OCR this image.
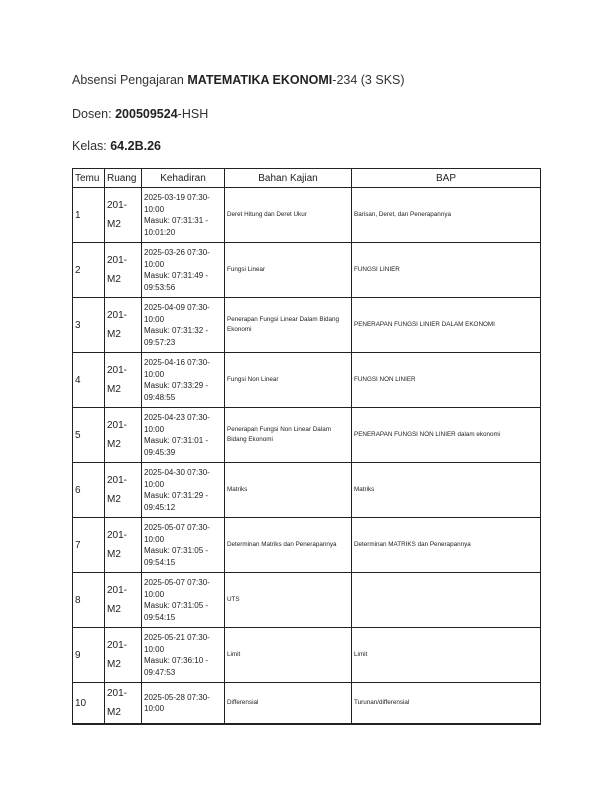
Absensi Pengajaran MATEMATIKA EKONOMI-234 (3 SKS)
Dosen: 200509524-HSH
Kelas: 64.2B.26
Temu	Ruang	Kehadiran	Bahan Kajian	BAP
1	201-M2	2025-03-19 07:30-10:00
Masuk: 07:31:31 - 10:01:20	Deret Hitung dan Deret Ukur	Barisan, Deret, dan Penerapannya
2	201-M2	2025-03-26 07:30-10:00
Masuk: 07:31:49 - 09:53:56	Fungsi Linear	FUNGSI LINIER
3	201-M2	2025-04-09 07:30-10:00
Masuk: 07:31:32 - 09:57:23	Penerapan Fungsi Linear Dalam Bidang Ekonomi	PENERAPAN FUNGSI LINIER DALAM EKONOMI
4	201-M2	2025-04-16 07:30-10:00
Masuk: 07:33:29 - 09:48:55	Fungsi Non Linear	FUNGSI NON LINIER
5	201-M2	2025-04-23 07:30-10:00
Masuk: 07:31:01 - 09:45:39	Penerapan Fungsi Non Linear Dalam Bidang Ekonomi	PENERAPAN FUNGSI NON LINIER dalam ekonomi
6	201-M2	2025-04-30 07:30-10:00
Masuk: 07:31:29 - 09:45:12	Matriks	Matriks
7	201-M2	2025-05-07 07:30-10:00
Masuk: 07:31:05 - 09:54:15	Determinan Matriks dan Penerapannya	Determinan MATRIKS dan Penerapannya
8	201-M2	2025-05-07 07:30-10:00
Masuk: 07:31:05 - 09:54:15	UTS	
9	201-M2	2025-05-21 07:30-10:00
Masuk: 07:36:10 - 09:47:53	Limit	Limit
10	201-M2	2025-05-28 07:30-10:00	Differensial	Turunan/differensial
